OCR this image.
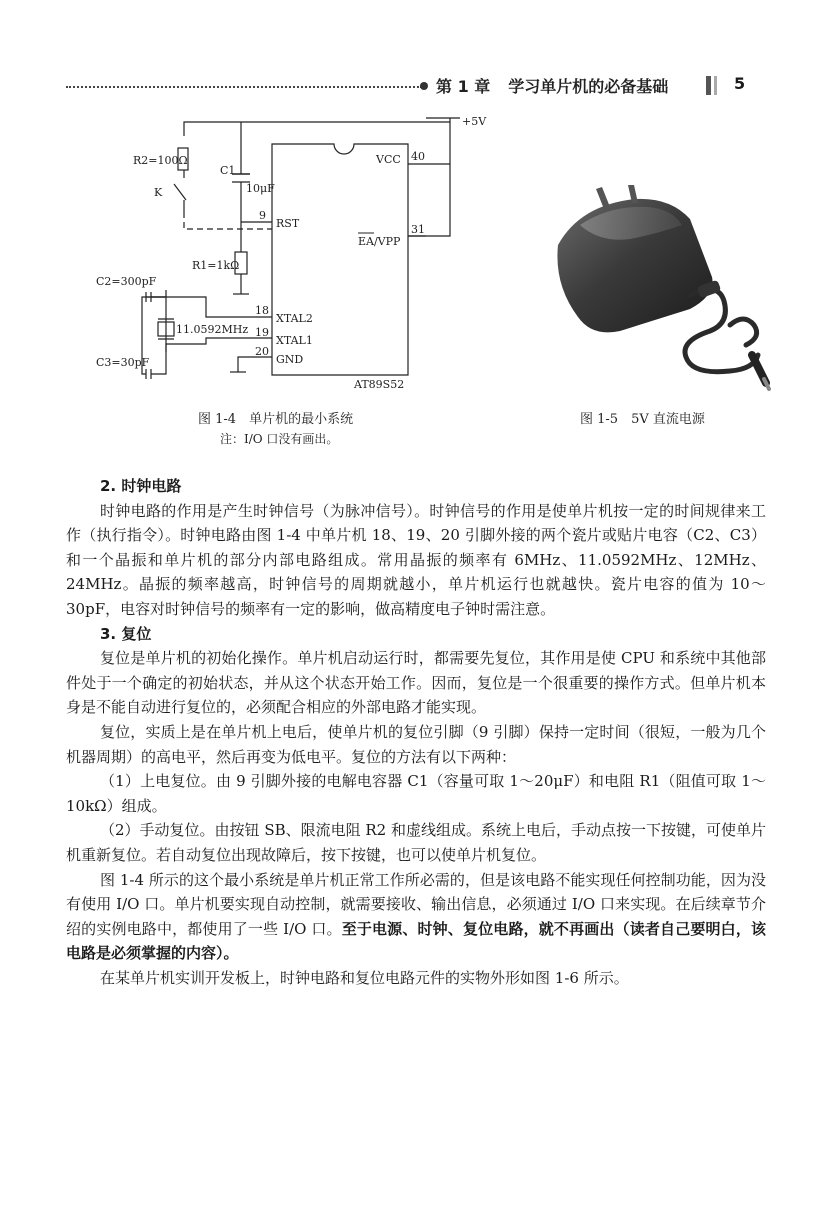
第 1 章 学习单片机的必备基础	5
+5V
R2=100Ω
K
C1
10μF
R1=1kΩ
C2=300pF
11.0592MHz
C3=30pF
VCC 40
RST
9
EA/VPP
31
XTAL2
18
XTAL1
19
GND
20
AT89S52
图 1-4　单片机的最小系统
注：I/O 口没有画出。
图 1-5　5V 直流电源

2. 时钟电路

时钟电路的作用是产生时钟信号（为脉冲信号）。时钟信号的作用是使单片机按一定的时间规律来工作（执行指令）。时钟电路由图 1-4 中单片机 18、19、20 引脚外接的两个瓷片或贴片电容（C2、C3）和一个晶振和单片机的部分内部电路组成。常用晶振的频率有 6MHz、11.0592MHz、12MHz、24MHz。晶振的频率越高，时钟信号的周期就越小，单片机运行也就越快。瓷片电容的值为 10～30pF，电容对时钟信号的频率有一定的影响，做高精度电子钟时需注意。

3. 复位

复位是单片机的初始化操作。单片机启动运行时，都需要先复位，其作用是使 CPU 和系统中其他部件处于一个确定的初始状态，并从这个状态开始工作。因而，复位是一个很重要的操作方式。但单片机本身是不能自动进行复位的，必须配合相应的外部电路才能实现。

复位，实质上是在单片机上电后，使单片机的复位引脚（9 引脚）保持一定时间（很短，一般为几个机器周期）的高电平，然后再变为低电平。复位的方法有以下两种：

（1）上电复位。由 9 引脚外接的电解电容器 C1（容量可取 1～20μF）和电阻 R1（阻值可取 1～10kΩ）组成。

（2）手动复位。由按钮 SB、限流电阻 R2 和虚线组成。系统上电后，手动点按一下按键，可使单片机重新复位。若自动复位出现故障后，按下按键，也可以使单片机复位。

图 1-4 所示的这个最小系统是单片机正常工作所必需的，但是该电路不能实现任何控制功能，因为没有使用 I/O 口。单片机要实现自动控制，就需要接收、输出信息，必须通过 I/O 口来实现。在后续章节介绍的实例电路中，都使用了一些 I/O 口。至于电源、时钟、复位电路，就不再画出（读者自己要明白，该电路是必须掌握的内容）。

在某单片机实训开发板上，时钟电路和复位电路元件的实物外形如图 1-6 所示。
